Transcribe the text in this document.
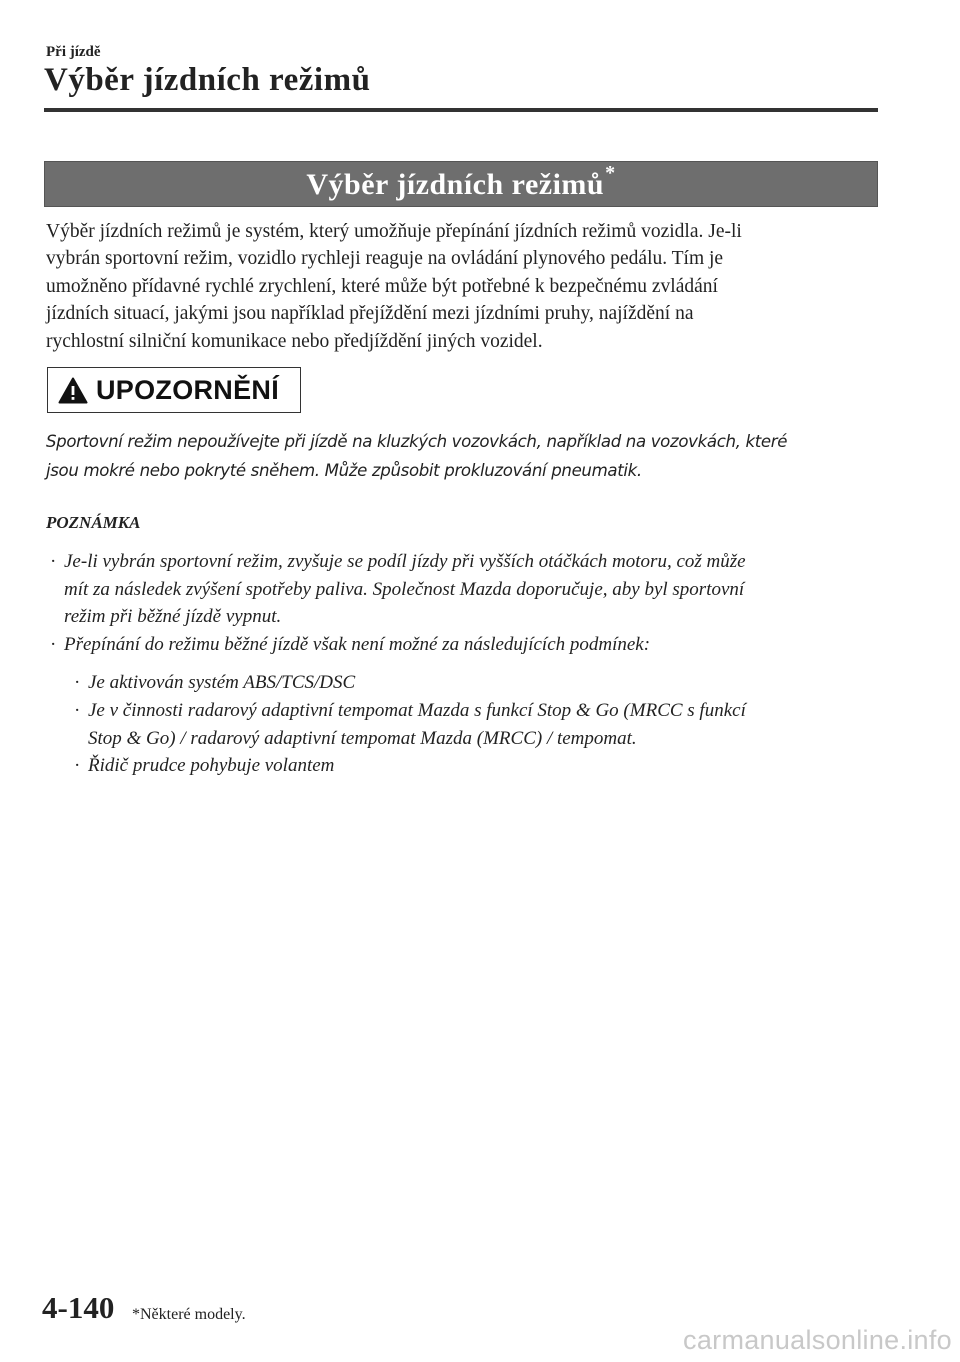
Při jízdě
Výběr jízdních režimů
Výběr jízdních režimů*

Výběr jízdních režimů je systém, který umožňuje přepínání jízdních režimů vozidla. Je-li
vybrán sportovní režim, vozidlo rychleji reaguje na ovládání plynového pedálu. Tím je
umožněno přídavné rychlé zrychlení, které může být potřebné k bezpečnému zvládání
jízdních situací, jakými jsou například přejíždění mezi jízdními pruhy, najíždění na
rychlostní silniční komunikace nebo předjíždění jiných vozidel.

UPOZORNĚNÍ

Sportovní režim nepoužívejte při jízdě na kluzkých vozovkách, například na vozovkách, které
jsou mokré nebo pokryté sněhem. Může způsobit prokluzování pneumatik.

POZNÁMKA

· Je-li vybrán sportovní režim, zvyšuje se podíl jízdy při vyšších otáčkách motoru, což může
mít za následek zvýšení spotřeby paliva. Společnost Mazda doporučuje, aby byl sportovní
režim při běžné jízdě vypnut.
· Přepínání do režimu běžné jízdě však není možné za následujících podmínek:
· Je aktivován systém ABS/TCS/DSC
· Je v činnosti radarový adaptivní tempomat Mazda s funkcí Stop & Go (MRCC s funkcí
Stop & Go) / radarový adaptivní tempomat Mazda (MRCC) / tempomat.
· Řidič prudce pohybuje volantem
4-140 *Některé modely.
carmanualsonline.info
